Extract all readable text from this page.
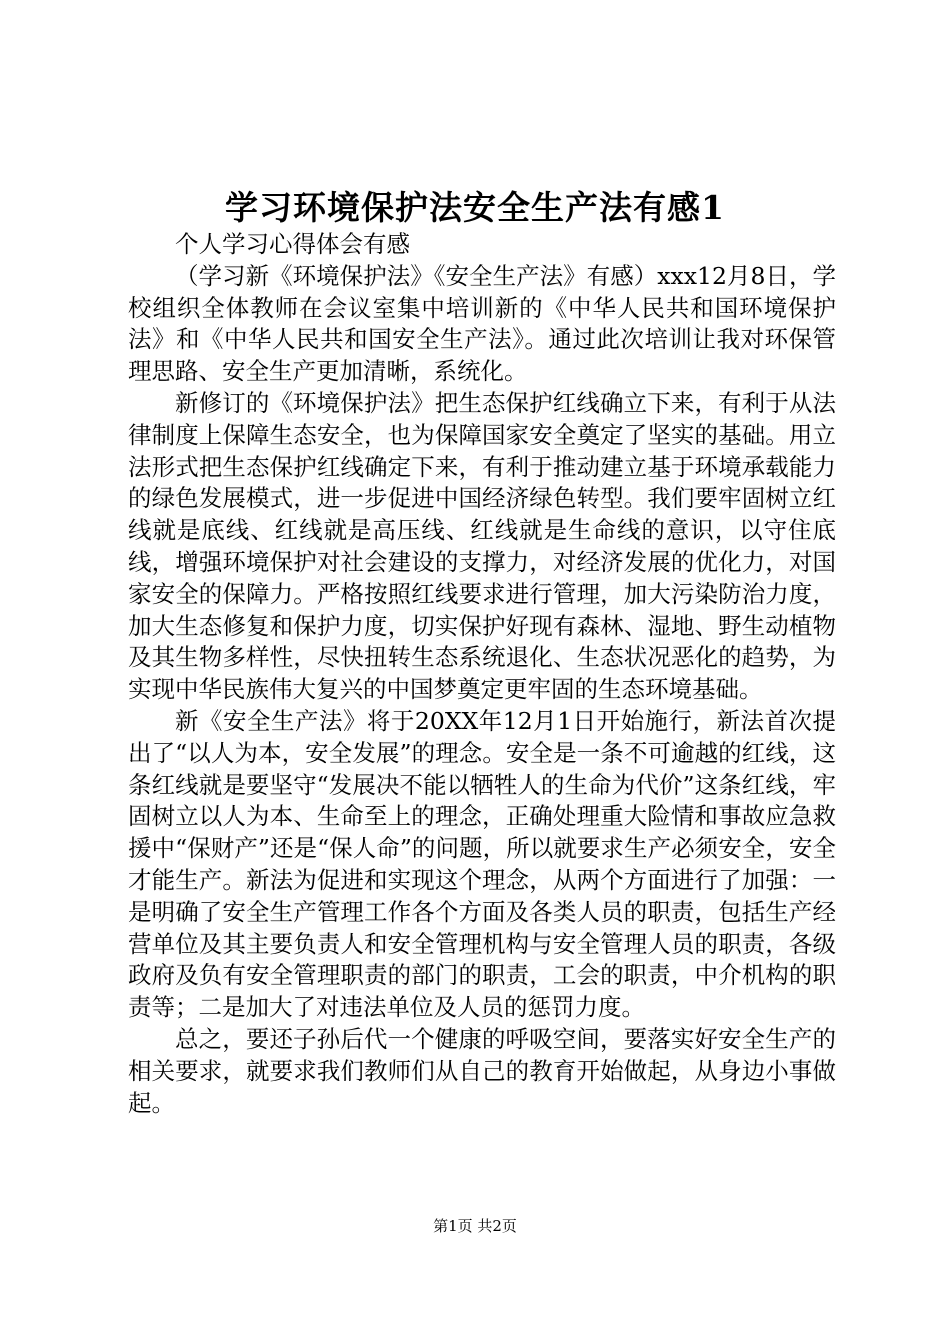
学习环境保护法安全生产法有感1

个人学习心得体会有感

（学习新《环境保护法》《安全生产法》有感）xxx12月8日，学校组织全体教师在会议室集中培训新的《中华人民共和国环境保护法》和《中华人民共和国安全生产法》。通过此次培训让我对环保管理思路、安全生产更加清晰，系统化。

新修订的《环境保护法》把生态保护红线确立下来，有利于从法律制度上保障生态安全，也为保障国家安全奠定了坚实的基础。用立法形式把生态保护红线确定下来，有利于推动建立基于环境承载能力的绿色发展模式，进一步促进中国经济绿色转型。我们要牢固树立红线就是底线、红线就是高压线、红线就是生命线的意识，以守住底线，增强环境保护对社会建设的支撑力，对经济发展的优化力，对国家安全的保障力。严格按照红线要求进行管理，加大污染防治力度，加大生态修复和保护力度，切实保护好现有森林、湿地、野生动植物及其生物多样性，尽快扭转生态系统退化、生态状况恶化的趋势，为实现中华民族伟大复兴的中国梦奠定更牢固的生态环境基础。

新《安全生产法》将于20XX年12月1日开始施行，新法首次提出了“以人为本，安全发展”的理念。安全是一条不可逾越的红线，这条红线就是要坚守“发展决不能以牺牲人的生命为代价”这条红线，牢固树立以人为本、生命至上的理念，正确处理重大险情和事故应急救援中“保财产”还是“保人命”的问题，所以就要求生产必须安全，安全才能生产。新法为促进和实现这个理念，从两个方面进行了加强：一是明确了安全生产管理工作各个方面及各类人员的职责，包括生产经营单位及其主要负责人和安全管理机构与安全管理人员的职责，各级政府及负有安全管理职责的部门的职责，工会的职责，中介机构的职责等；二是加大了对违法单位及人员的惩罚力度。

总之，要还子孙后代一个健康的呼吸空间，要落实好安全生产的相关要求，就要求我们教师们从自己的教育开始做起，从身边小事做起。

第1页 共2页
